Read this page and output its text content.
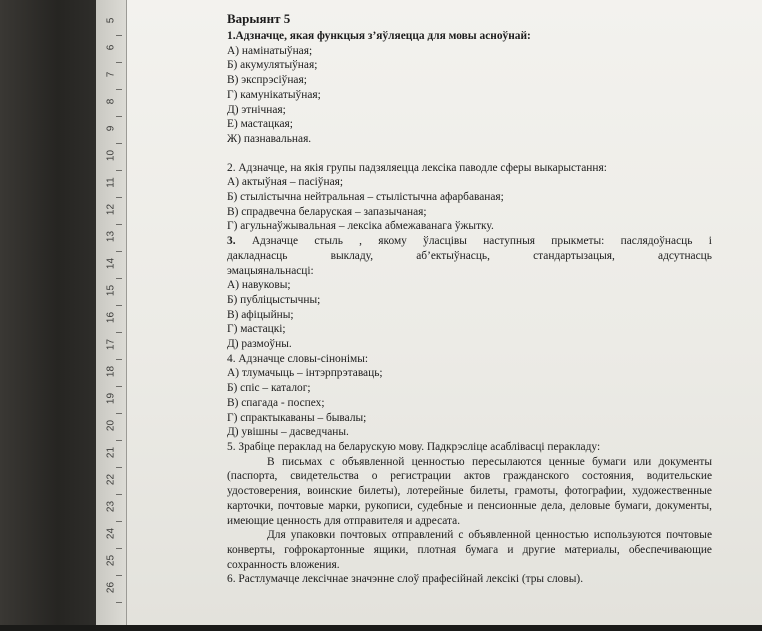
5
6
7
8
9
10
11
12
13
14
15
16
17
18
19
20
21
22
23
24
25
26
Варыянт 5
1.Адзначце, якая функцыя з’яўляецца для мовы асноўнай:
А) намінатыўная;
Б) акумулятыўная;
В) экспрэсіўная;
Г) камунікатыўная;
Д) этнічная;
Е) мастацкая;
Ж) пазнавальная.
2. Адзначце, на якія групы падзяляецца лексіка паводле сферы выкарыстання:
А) актыўная – пасіўная;
Б) стылістычна нейтральная – стылістычна афарбаваная;
В) спрадвечна беларуская – запазычаная;
Г) агульнаўжывальная – лексіка абмежаванага ўжытку.
3. Адзначце стыль , якому ўласцівы наступныя прыкметы: паслядоўнасць і
дакладнасць	выкладу,	аб’ектыўнасць,	стандартызацыя,	адсутнасць
эмацыянальнасці:
А) навуковы;
Б) публіцыстычны;
В) афіцыйны;
Г) мастацкі;
Д) размоўны.
4. Адзначце словы-сінонімы:
А) тлумачыць – інтэрпрэтаваць;
Б) спіс – каталог;
В) спагада - поспех;
Г) спрактыкаваны – бывалы;
Д) увішны – дасведчаны.
5. Зрабіце пераклад на беларускую мову. Падкрэсліце асаблівасці перакладу:
В письмах с объявленной ценностью пересылаются ценные бумаги или документы (паспорта, свидетельства о регистрации актов гражданского состояния, водительские удостоверения, воинские билеты), лотерейные билеты, грамоты, фотографии, художественные карточки, почтовые марки, рукописи, судебные и пенсионные дела, деловые бумаги, документы, имеющие ценность для отправителя и адресата.
Для упаковки почтовых отправлений с объявленной ценностью используются почтовые конверты, гофрокартонные ящики, плотная бумага и другие материалы, обеспечивающие сохранность вложения.
6. Растлумачце лексічнае значэнне слоў прафесійнай лексікі (тры словы).
